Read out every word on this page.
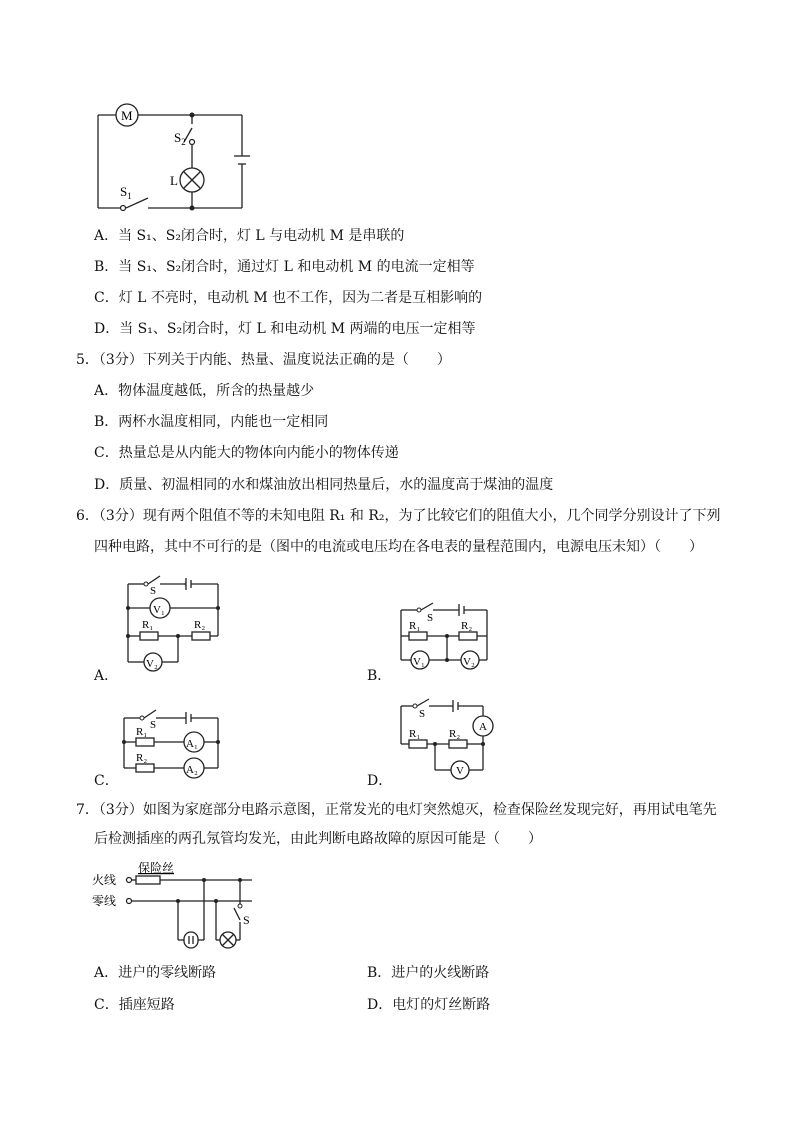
M
$S_2$
L
$S_1$
A．当 S₁、S₂闭合时，灯 L 与电动机 M 是串联的
B．当 S₁、S₂闭合时，通过灯 L 和电动机 M 的电流一定相等
C．灯 L 不亮时，电动机 M 也不工作，因为二者是互相影响的
D．当 S₁、S₂闭合时，灯 L 和电动机 M 两端的电压一定相等
5．（3分）下列关于内能、热量、温度说法正确的是（　　）
A．物体温度越低，所含的热量越少
B．两杯水温度相同，内能也一定相同
C．热量总是从内能大的物体向内能小的物体传递
D．质量、初温相同的水和煤油放出相同热量后，水的温度高于煤油的温度
6．（3分）现有两个阻值不等的未知电阻 R₁ 和 R₂，为了比较它们的阻值大小，几个同学分别设计了下列
四种电路，其中不可行的是（图中的电流或电压均在各电表的量程范围内，电源电压未知）（　　）
S
V₁
R₁	R₂
V₂
A．
S
R₁	R₂
V₁	V₂
B．
S
R₁
R₂
A₁
A₂
C．
S
A
R₁	R₂
V
D．
7．（3分）如图为家庭部分电路示意图，正常发光的电灯突然熄灭，检查保险丝发现完好，再用试电笔先
后检测插座的两孔氖管均发光，由此判断电路故障的原因可能是（　　）
火线
零线
保险丝
S
A．进户的零线断路	B．进户的火线断路
C．插座短路	D．电灯的灯丝断路
